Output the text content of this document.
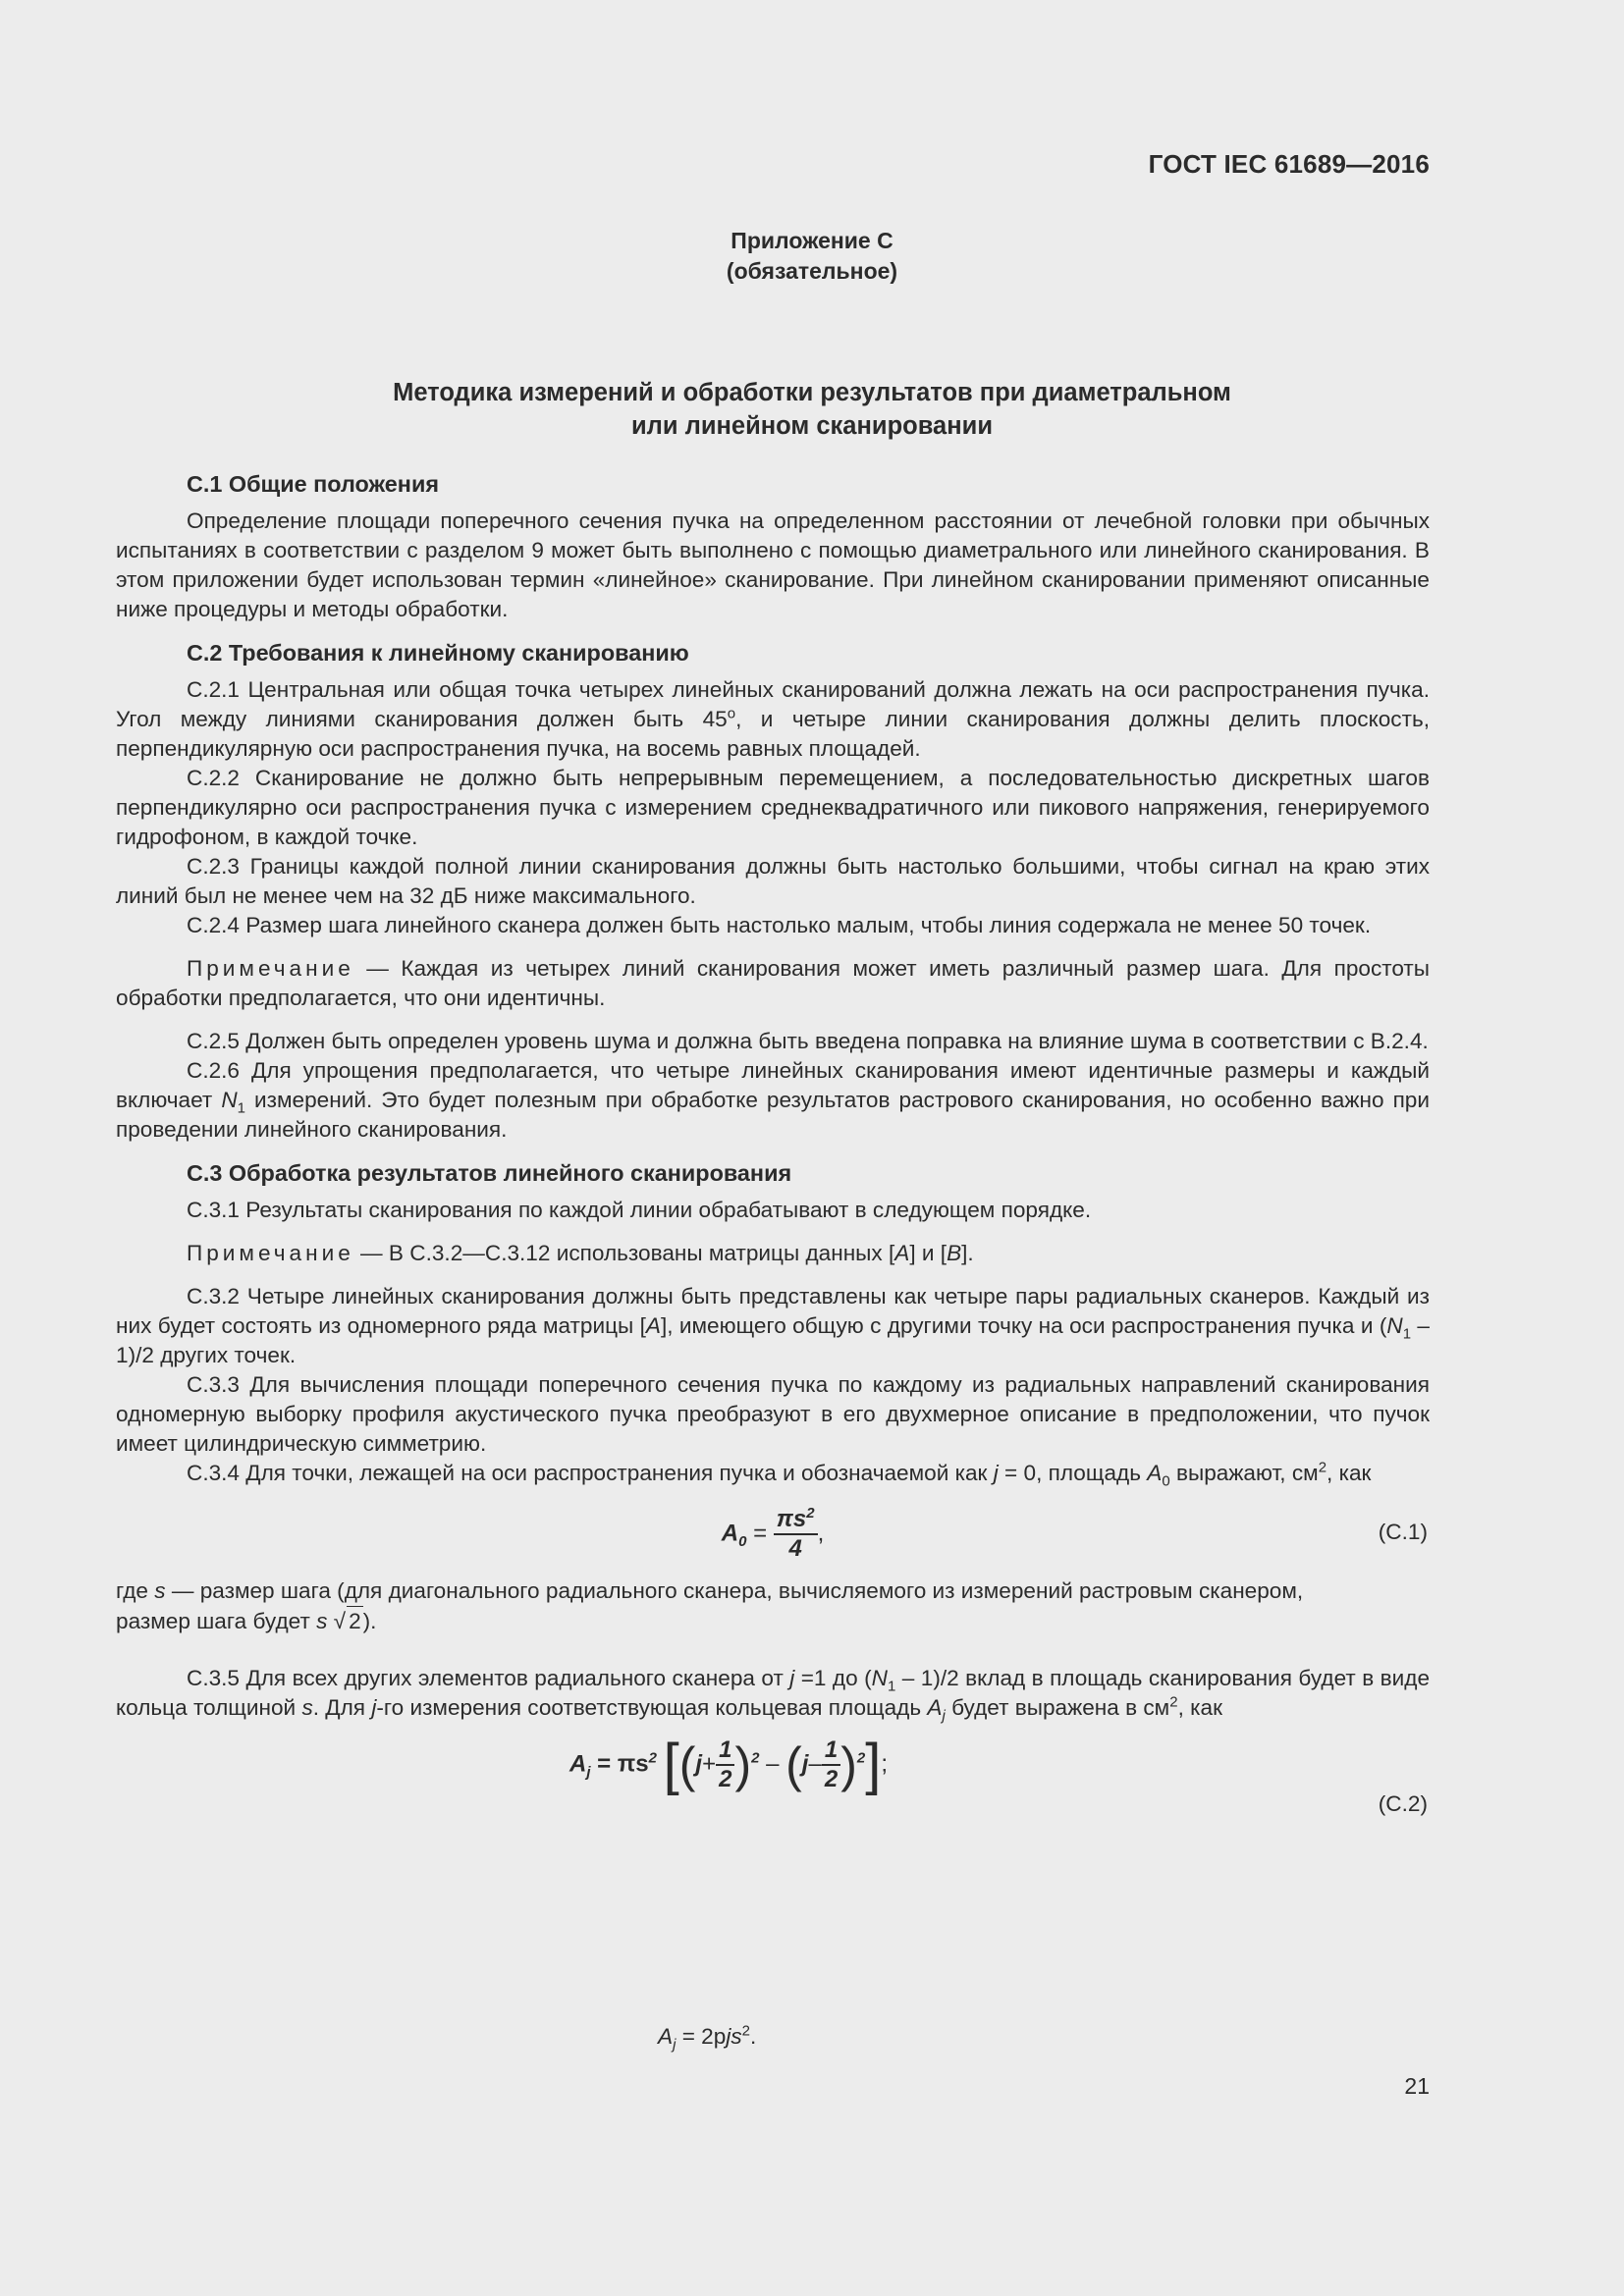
ГОСТ IEC 61689—2016
Приложение С
(обязательное)
Методика измерений и обработки результатов при диаметральном
или линейном сканировании

С.1 Общие положения

Определение площади поперечного сечения пучка на определенном расстоянии от лечебной головки при обычных испытаниях в соответствии с разделом 9 может быть выполнено с помощью диаметрального или линейного сканирования. В этом приложении будет использован термин «линейное» сканирование. При линейном сканировании применяют описанные ниже процедуры и методы обработки.

С.2 Требования к линейному сканированию

С.2.1 Центральная или общая точка четырех линейных сканирований должна лежать на оси распространения пучка. Угол между линиями сканирования должен быть $45^о$, и четыре линии сканирования должны делить плоскость, перпендикулярную оси распространения пучка, на восемь равных площадей.

С.2.2 Сканирование не должно быть непрерывным перемещением, а последовательностью дискретных шагов перпендикулярно оси распространения пучка с измерением среднеквадратичного или пикового напряжения, генерируемого гидрофоном, в каждой точке.

С.2.3 Границы каждой полной линии сканирования должны быть настолько большими, чтобы сигнал на краю этих линий был не менее чем на 32 дБ ниже максимального.

С.2.4 Размер шага линейного сканера должен быть настолько малым, чтобы линия содержала не менее 50 точек.

Примечание — Каждая из четырех линий сканирования может иметь различный размер шага. Для простоты обработки предполагается, что они идентичны.

С.2.5 Должен быть определен уровень шума и должна быть введена поправка на влияние шума в соответствии с В.2.4.

С.2.6 Для упрощения предполагается, что четыре линейных сканирования имеют идентичные размеры и каждый включает $N_1$ измерений. Это будет полезным при обработке результатов растрового сканирования, но особенно важно при проведении линейного сканирования.

С.3 Обработка результатов линейного сканирования

С.3.1 Результаты сканирования по каждой линии обрабатывают в следующем порядке.

Примечание — В С.3.2—С.3.12 использованы матрицы данных [A] и [B].

С.3.2 Четыре линейных сканирования должны быть представлены как четыре пары радиальных сканеров. Каждый из них будет состоять из одномерного ряда матрицы [A], имеющего общую с другими точку на оси распространения пучка и $(N_1 - 1)/2$ других точек.

С.3.3 Для вычисления площади поперечного сечения пучка по каждому из радиальных направлений сканирования одномерную выборку профиля акустического пучка преобразуют в его двухмерное описание в предположении, что пучок имеет цилиндрическую симметрию.

С.3.4 Для точки, лежащей на оси распространения пучка и обозначаемой как j = 0, площадь $A_0$ выражают, $см^2$, как

$A_0 = \frac{\pi s^2}{4}$ ,	(С.1)

где s — размер шага (для диагонального радиального сканера, вычисляемого из измерений растровым сканером,

размер шага будет s √ 2).

С.3.5 Для всех других элементов радиального сканера от j =1 до $(N_1 - 1)/2$ вклад в площадь сканирования будет в виде кольца толщиной s. Для j-го измерения соответствующая кольцевая площадь $A_j$ будет выражена в $см^2$, как

$A_j = \pi s^2$ $[(j+ \frac{1}{2} )^2 - (j- \frac{1}{2} )^2]$;
(С.2)
$A_j = 2pjs^2$.
21
